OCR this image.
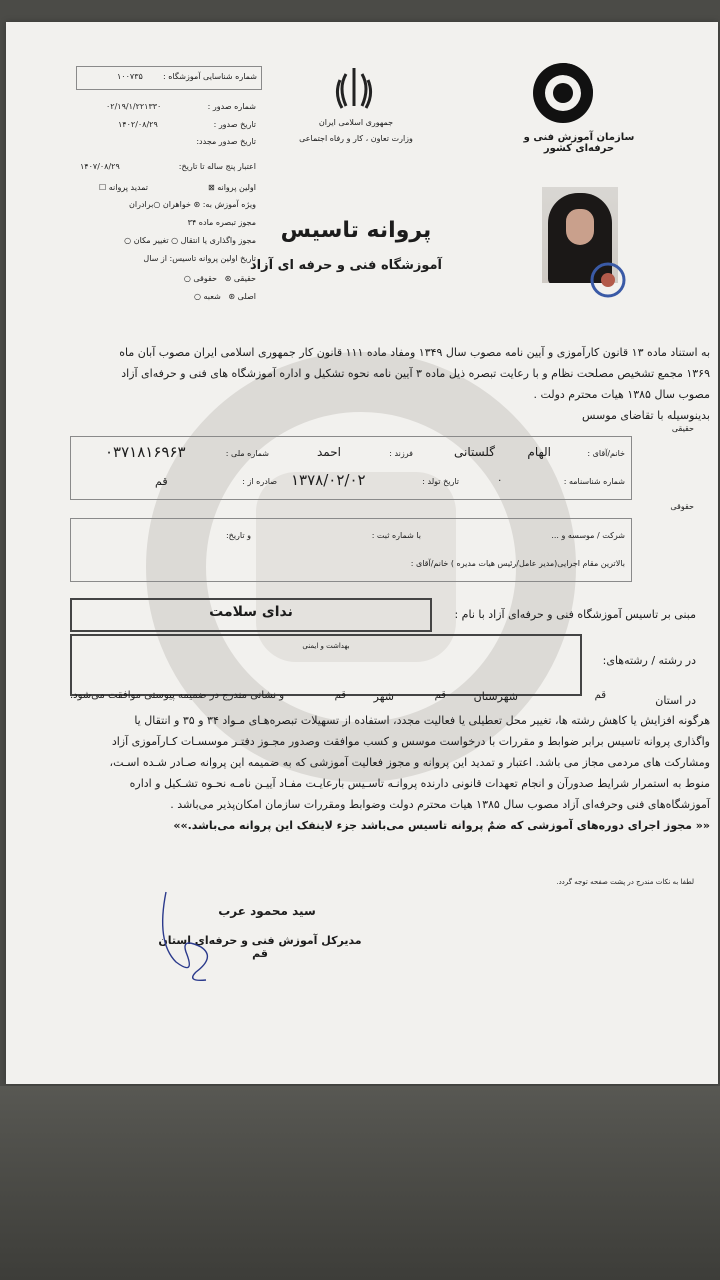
شماره شناسایی آموزشگاه :
۱۰۰۷۳۵
شماره صدور :
۰۲/۱۹/۱/۲۲۱۳۳۰
تاریخ صدور :
۱۴۰۲/۰۸/۲۹
تاریخ صدور مجدد:
اعتبار پنج ساله تا تاریخ:
۱۴۰۷/۰۸/۲۹
اولین پروانه ⊠
تمدید پروانه ☐
ویژه آموزش به: ⊛ خواهران ○برادران
مجوز تبصره ماده ۳۴
مجوز واگذاری یا انتقال ○ تغییر مکان ○
تاریخ اولین پروانه تاسیس: از سال
حقیقی ⊛   حقوقی ○
اصلی ⊛   شعبه ○
جمهوری اسلامی ایران
وزارت تعاون ، کار و رفاه اجتماعی	سازمان آموزش فنی و حرفه‌ای کشور
پروانه تاسیس
آموزشگاه فنی و حرفه ای آزاد
به استناد ماده ۱۳ قانون کارآموزی و آیین نامه مصوب سال ۱۳۴۹ ومفاد ماده ۱۱۱ قانون کار جمهوری اسلامی ایران مصوب آبان ماه
۱۳۶۹ مجمع تشخیص مصلحت نظام و با رعایت تبصره ذیل ماده ۳ آیین نامه نحوه تشکیل و اداره آموزشگاه های فنی و حرفه‌ای آزاد
مصوب سال ۱۳۸۵ هیات محترم دولت .
بدینوسیله با تقاضای موسس
حقیقی
خانم/آقای :
الهام
گلستانی
فرزند :
احمد
شماره ملی :
۰۳۷۱۸۱۶۹۶۳
شماره شناسنامه :
۰
تاریخ تولد :
۱۳۷۸/۰۲/۰۲
صادره از :
قم
حقوقی
شرکت / موسسه و ...
با شماره ثبت :
و تاریخ:
بالاترین مقام اجرایی(مدیر عامل/رئیس هیات مدیره ) خانم/آقای :
مبنی بر تاسیس آموزشگاه فنی و حرفه‌ای آزاد با نام :
ندای سلامت
در رشته / رشته‌های:
بهداشت و ایمنی
در استان
قم
شهرستان
قم
شهر
قم
و نشانی مندرج در ضمیمه پیوستی موافقت می‌شود.
هرگونه افزایش یا کاهش رشته ها، تغییر محل تعطیلی یا فعالیت مجدد، استفاده از تسهیلات تبصره‌هـای مـواد ۳۴ و ۳۵ و انتقال یا
واگذاری پروانه تاسیس برابر ضوابط و مقررات با درخواست موسس و کسب موافقت وصدور مجـوز دفتـر موسسـات کـارآموزی آزاد
ومشارکت های مردمی مجاز می باشد. اعتبار و تمدید این پروانه و مجوز فعالیت آموزشی که به ضمیمه این پروانه صـادر شـده اسـت،
منوط به استمرار شرایط صدورآن و انجام تعهدات قانونی دارنده پروانـه تاسـیس بارعایـت مفـاد آییـن نامـه نحـوه تشـکیل و اداره
آموزشگاه‌های فنی وحرفه‌ای آزاد مصوب سال ۱۳۸۵ هیات محترم دولت وضوابط ومقررات سازمان امکان‌پذیر می‌باشد .
«« مجوز اجرای دوره‌های آموزشی که ضمٌ پروانه تاسیس می‌باشد جزء لاینفک این پروانه می‌باشد.»»
لطفا به نکات مندرج در پشت صفحه توجه گردد.
سید محمود عرب
مدیرکل آموزش فنی و حرفه‌ای استان قم
